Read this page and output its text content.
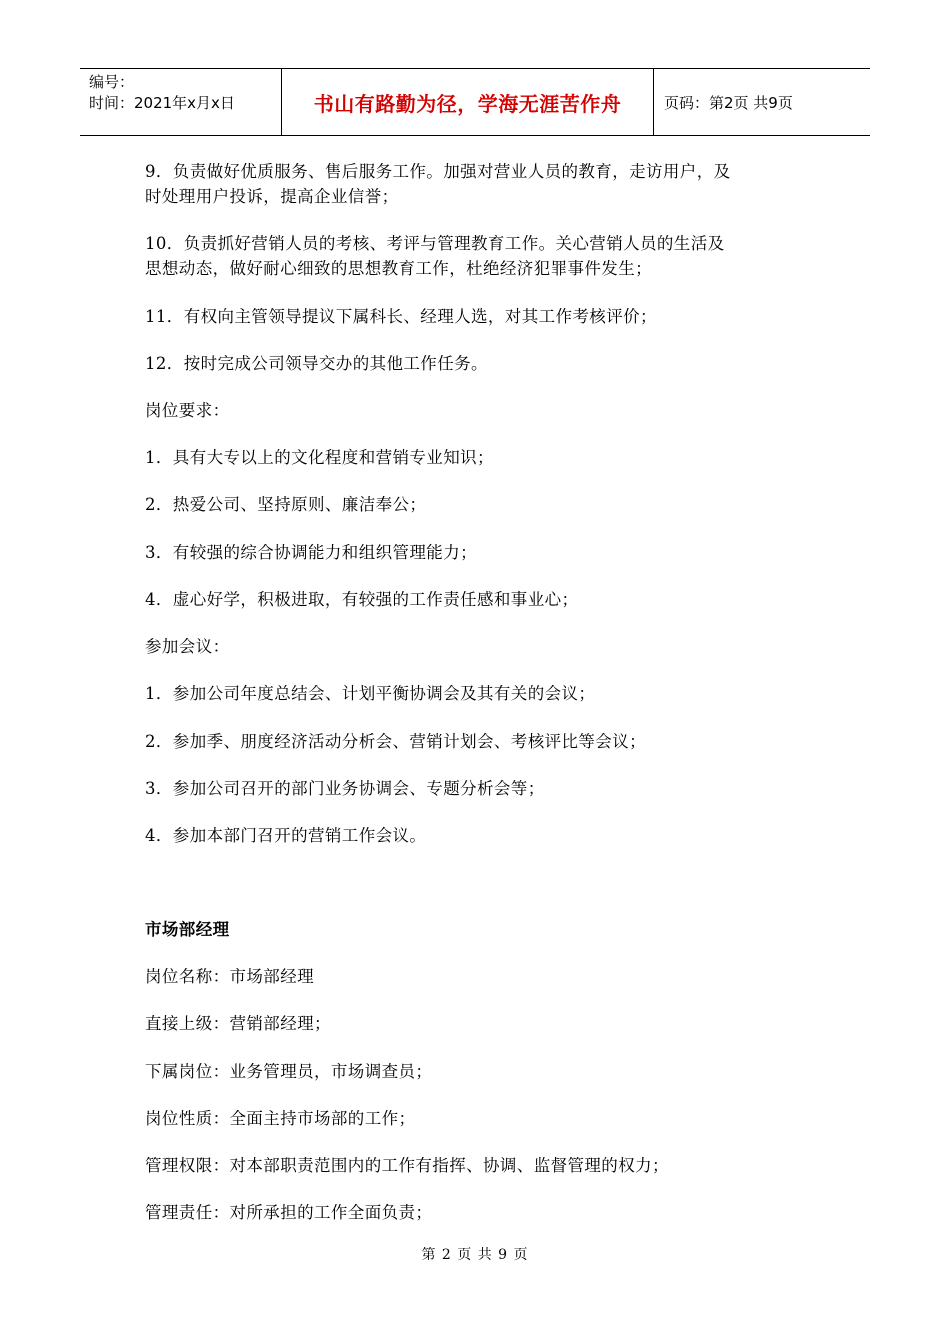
编号：
时间：2021年x月x日	书山有路勤为径，学海无涯苦作舟	页码：第2页 共9页
9．负责做好优质服务、售后服务工作。加强对营业人员的教育，走访用户，及
时处理用户投诉，提高企业信誉；
10．负责抓好营销人员的考核、考评与管理教育工作。关心营销人员的生活及
思想动态，做好耐心细致的思想教育工作，杜绝经济犯罪事件发生；
11．有权向主管领导提议下属科长、经理人选，对其工作考核评价；
12．按时完成公司领导交办的其他工作任务。
岗位要求：
1．具有大专以上的文化程度和营销专业知识；
2．热爱公司、坚持原则、廉洁奉公；
3．有较强的综合协调能力和组织管理能力；
4．虚心好学，积极进取，有较强的工作责任感和事业心；
参加会议：
1．参加公司年度总结会、计划平衡协调会及其有关的会议；
2．参加季、朋度经济活动分析会、营销计划会、考核评比等会议；
3．参加公司召开的部门业务协调会、专题分析会等；
4．参加本部门召开的营销工作会议。
市场部经理
岗位名称：市场部经理
直接上级：营销部经理；
下属岗位：业务管理员，市场调查员；
岗位性质：全面主持市场部的工作；
管理权限：对本部职责范围内的工作有指挥、协调、监督管理的权力；
管理责任：对所承担的工作全面负责；
第 2 页 共 9 页
